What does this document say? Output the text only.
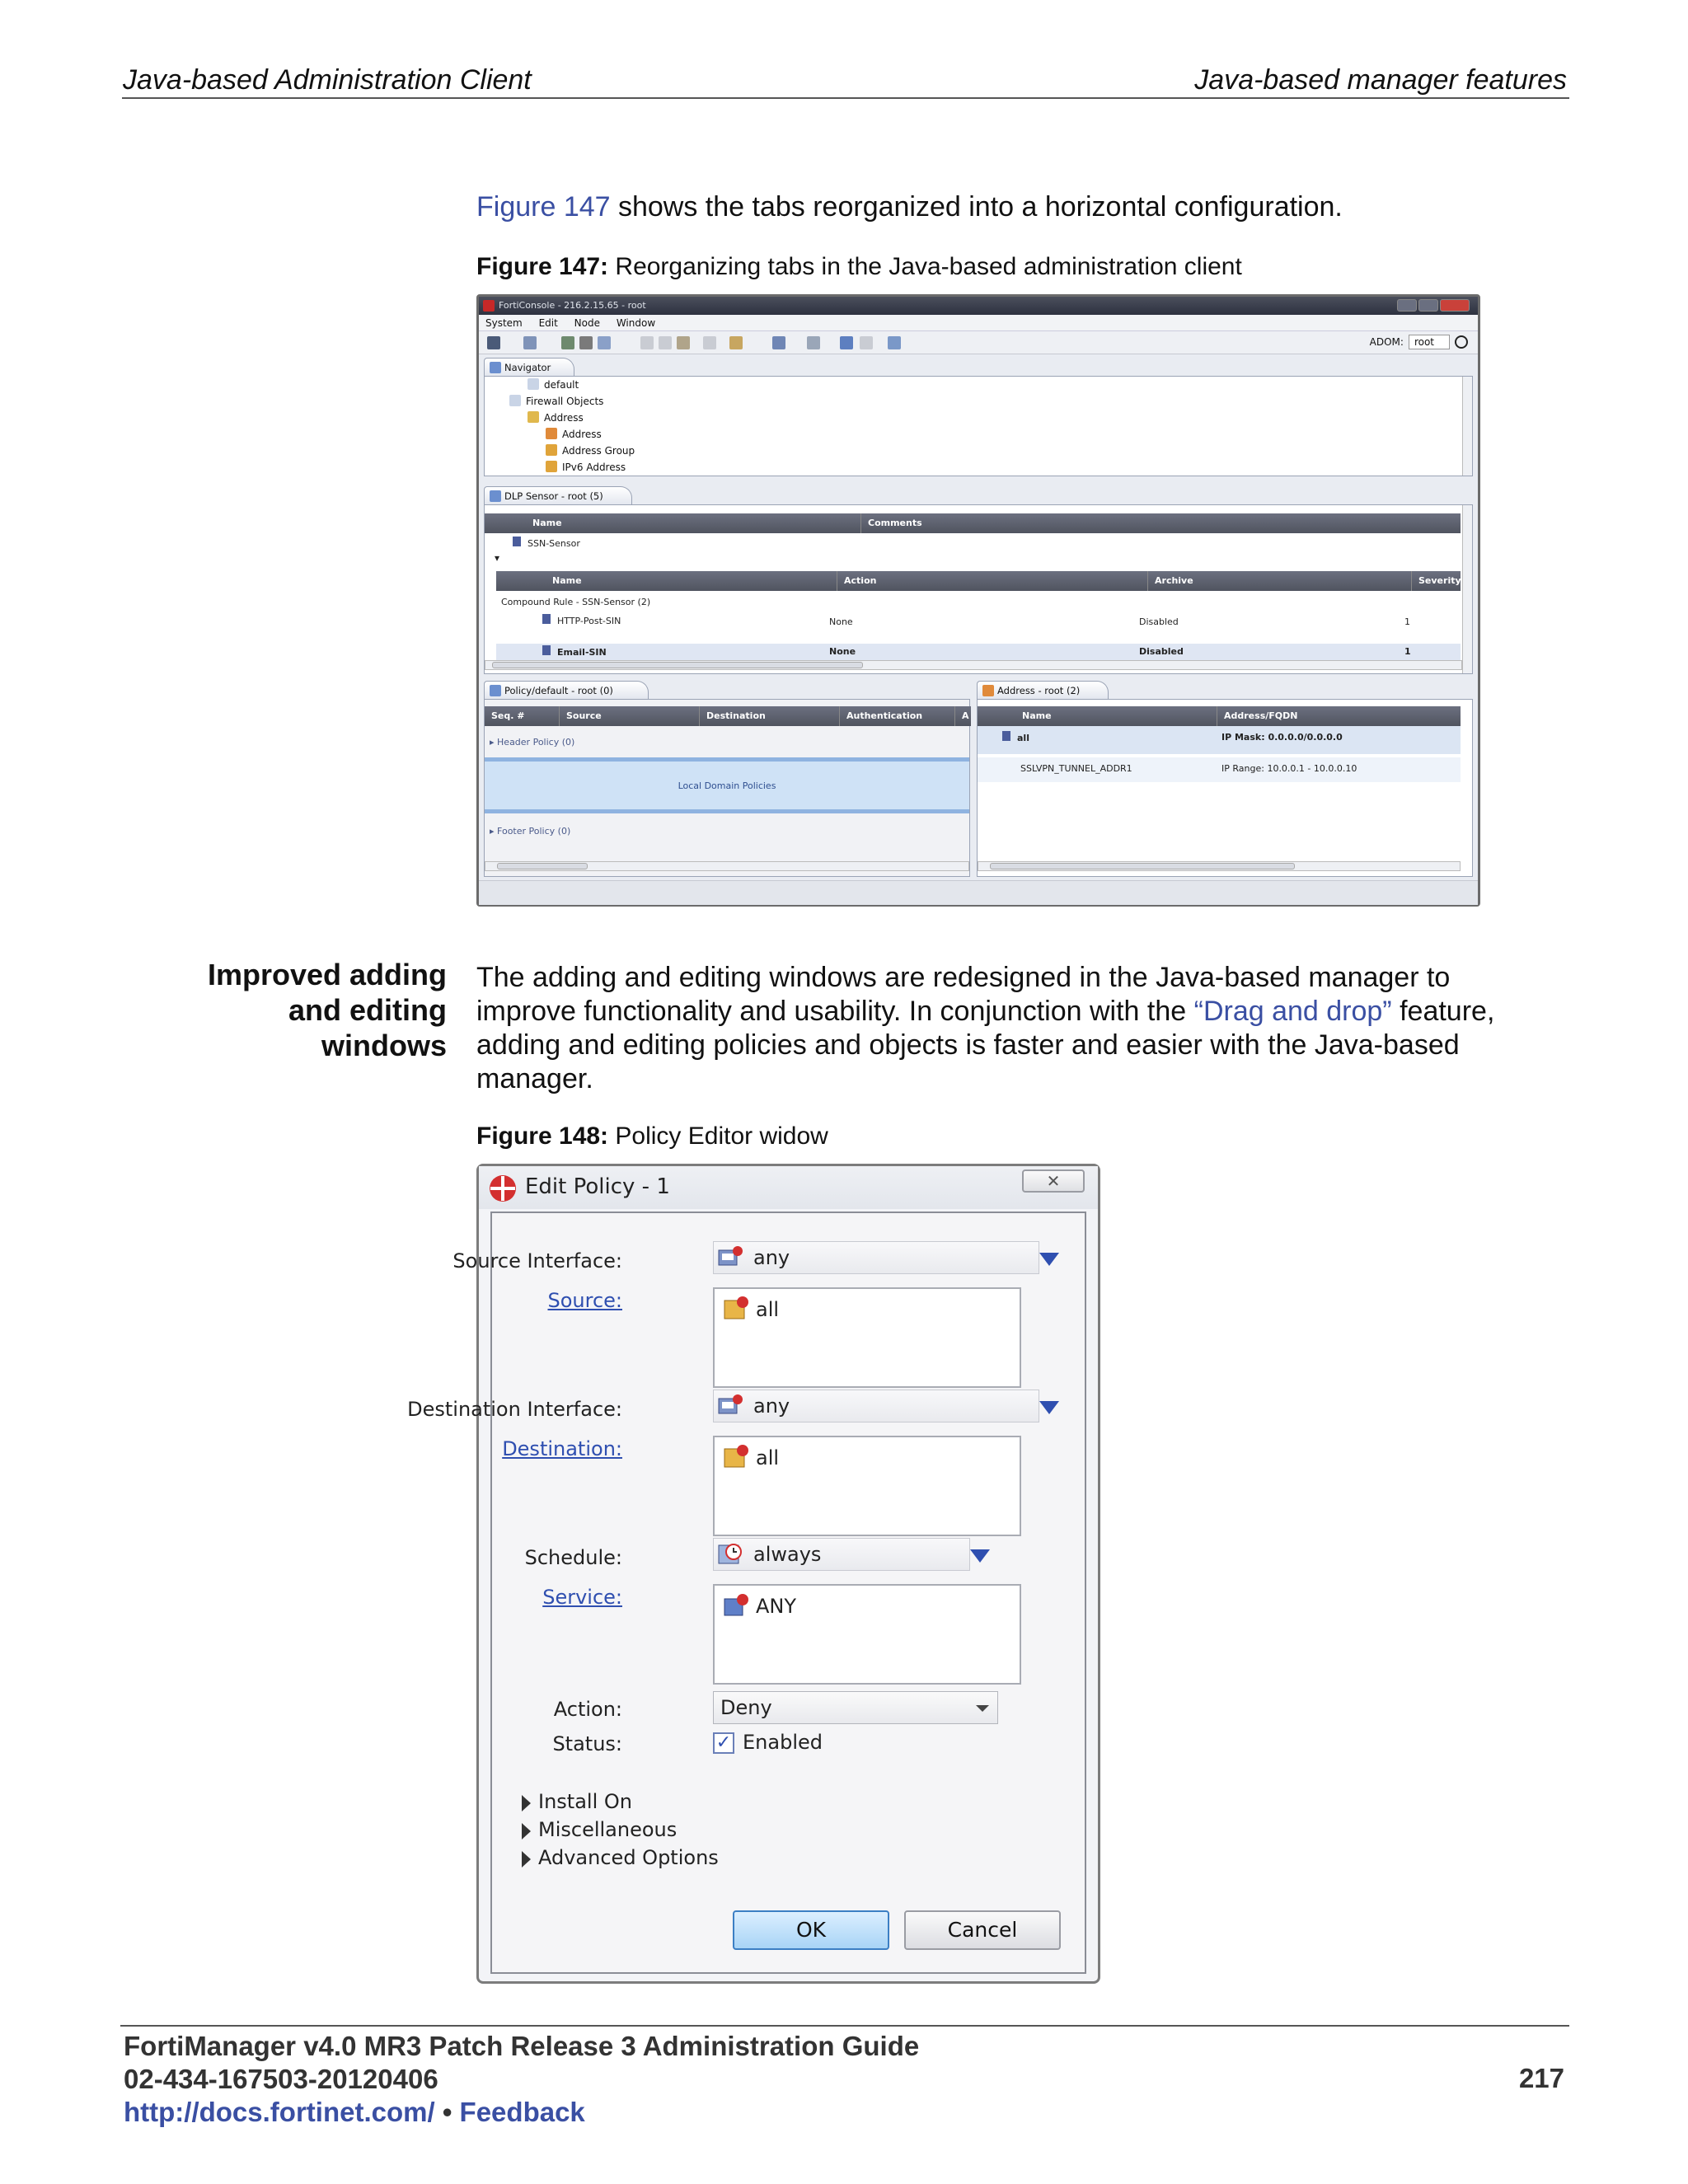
Java-based Administration Client	Java-based manager features
Figure 147 shows the tabs reorganized into a horizontal configuration.
Figure 147: Reorganizing tabs in the Java-based administration client
FortiConsole - 216.2.15.65 - root
System Edit Node Window
ADOM:	root
Navigator
default
Firewall Objects
Address
Address
Address Group
IPv6 Address
DLP Sensor - root (5)
Name	Comments
SSN-Sensor
▾
Name	Action	Archive	Severity
Compound Rule - SSN-Sensor (2)
HTTP-Post-SIN	None	Disabled	1
Email-SIN	None	Disabled	1
Policy/default - root (0)
Seq. #	Source	Destination	Authentication	A
▸ Header Policy (0)
Local Domain Policies
▸ Footer Policy (0)
Address - root (2)
Name	Address/FQDN
all	IP Mask: 0.0.0.0/0.0.0.0
SSLVPN_TUNNEL_ADDR1	IP Range: 10.0.0.1 - 10.0.0.10
Improved adding
and editing
windows
The adding and editing windows are redesigned in the Java-based manager to improve functionality and usability. In conjunction with the “Drag and drop” feature, adding and editing policies and objects is faster and easier with the Java-based manager.
Figure 148: Policy Editor widow
Edit Policy - 1	✕
Source Interface:	any
Source:	all
Destination Interface:	any
Destination:	all
Schedule:	always
Service:	ANY
Action:	Deny
Status:	✓ Enabled
Install On
Miscellaneous
Advanced Options
OK	Cancel
FortiManager v4.0 MR3 Patch Release 3 Administration Guide
02-434-167503-20120406
http://docs.fortinet.com/ • Feedback
217
